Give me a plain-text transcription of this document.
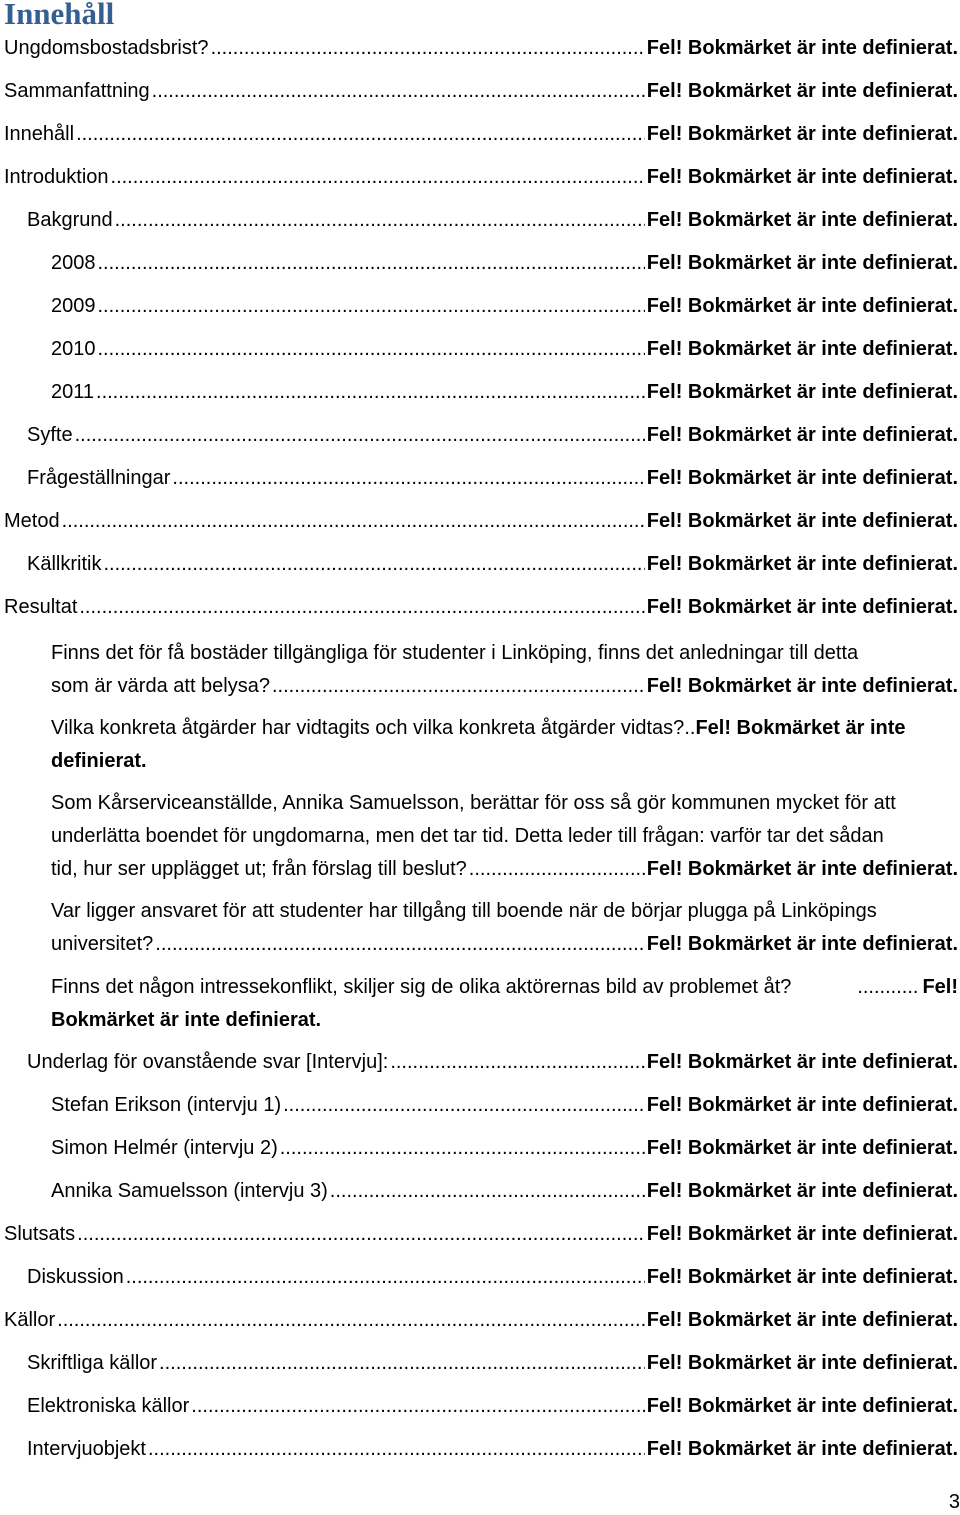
Innehåll
Ungdomsbostadsbrist? .....	Fel! Bokmärket är inte definierat.
Sammanfattning .....	Fel! Bokmärket är inte definierat.
Innehåll .....	Fel! Bokmärket är inte definierat.
Introduktion .....	Fel! Bokmärket är inte definierat.
Bakgrund .....	Fel! Bokmärket är inte definierat.
2008 .....	Fel! Bokmärket är inte definierat.
2009 .....	Fel! Bokmärket är inte definierat.
2010 .....	Fel! Bokmärket är inte definierat.
2011 .....	Fel! Bokmärket är inte definierat.
Syfte .....	Fel! Bokmärket är inte definierat.
Frågeställningar .....	Fel! Bokmärket är inte definierat.
Metod .....	Fel! Bokmärket är inte definierat.
Källkritik .....	Fel! Bokmärket är inte definierat.
Resultat .....	Fel! Bokmärket är inte definierat.
Finns det för få bostäder tillgängliga för studenter i Linköping, finns det anledningar till detta
som är värda att belysa? .....	Fel! Bokmärket är inte definierat.
Vilka konkreta åtgärder har vidtagits och vilka konkreta åtgärder vidtas? .. Fel! Bokmärket är inte
definierat.
Som Kårserviceanställde, Annika Samuelsson, berättar för oss så gör kommunen mycket för att
underlätta boendet för ungdomarna, men det tar tid. Detta leder till frågan: varför tar det sådan
tid, hur ser upplägget ut; från förslag till beslut? .....	Fel! Bokmärket är inte definierat.
Var ligger ansvaret för att studenter har tillgång till boende när de börjar plugga på Linköpings
universitet? .....	Fel! Bokmärket är inte definierat.
Finns det någon intressekonflikt, skiljer sig de olika aktörernas bild av problemet åt?	........... Fel!
Bokmärket är inte definierat.
Underlag för ovanstående svar [Intervju]: .....	Fel! Bokmärket är inte definierat.
Stefan Erikson (intervju 1) .....	Fel! Bokmärket är inte definierat.
Simon Helmér (intervju 2) .....	Fel! Bokmärket är inte definierat.
Annika Samuelsson (intervju 3) .....	Fel! Bokmärket är inte definierat.
Slutsats .....	Fel! Bokmärket är inte definierat.
Diskussion .....	Fel! Bokmärket är inte definierat.
Källor .....	Fel! Bokmärket är inte definierat.
Skriftliga källor .....	Fel! Bokmärket är inte definierat.
Elektroniska källor .....	Fel! Bokmärket är inte definierat.
Intervjuobjekt .....	Fel! Bokmärket är inte definierat.
3
